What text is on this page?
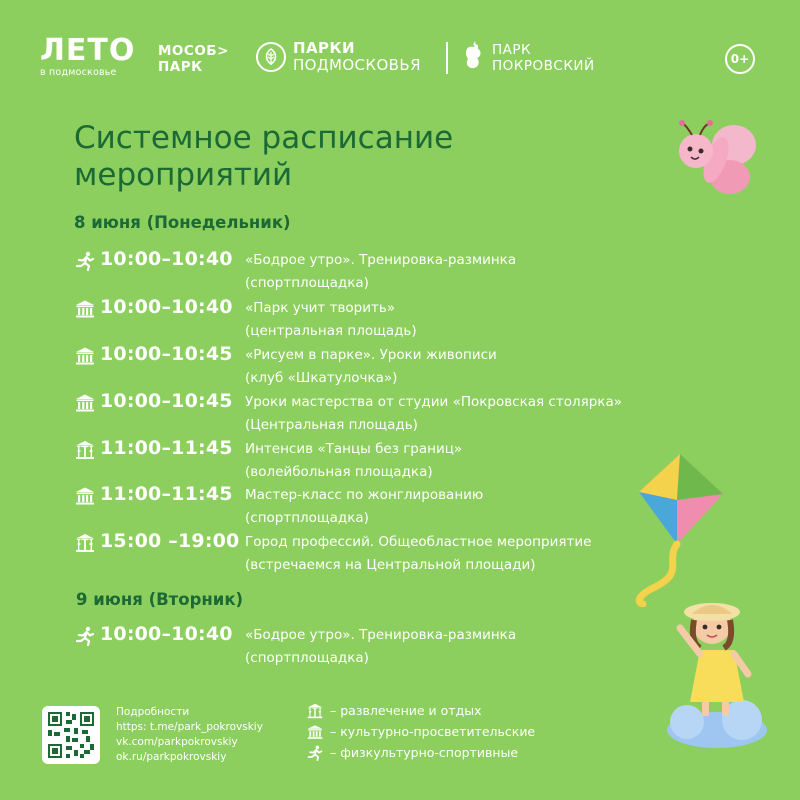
ЛЕТО
в подмосковье
МОСОБ>
ПАРК
ПАРКИ
ПОДМОСКОВЬЯ
ПАРК
ПОКРОВСКИЙ	0+
Системное расписание
мероприятий
8 июня (Понедельник)
10:00–10:40 «Бодрое утро». Тренировка-разминка
(спортплощадка)
10:00–10:40 «Парк учит творить»
(центральная площадь)
10:00–10:45 «Рисуем в парке». Уроки живописи
(клуб «Шкатулочка»)
10:00–10:45 Уроки мастерства от студии «Покровская столярка»
(Центральная площадь)
11:00–11:45 Интенсив «Танцы без границ»
(волейбольная площадка)
11:00–11:45 Мастер-класс по жонглированию
(спортплощадка)
15:00 –19:00 Город профессий. Общеобластное мероприятие
(встречаемся на Центральной площади)
9 июня (Вторник)
10:00–10:40 «Бодрое утро». Тренировка-разминка
(спортплощадка)
Подробности
https: t.me/park_pokrovskiy
vk.com/parkpokrovskiy
ok.ru/parkpokrovskiy
– развлечение и отдых
– культурно-просветительские
– физкультурно-спортивные
